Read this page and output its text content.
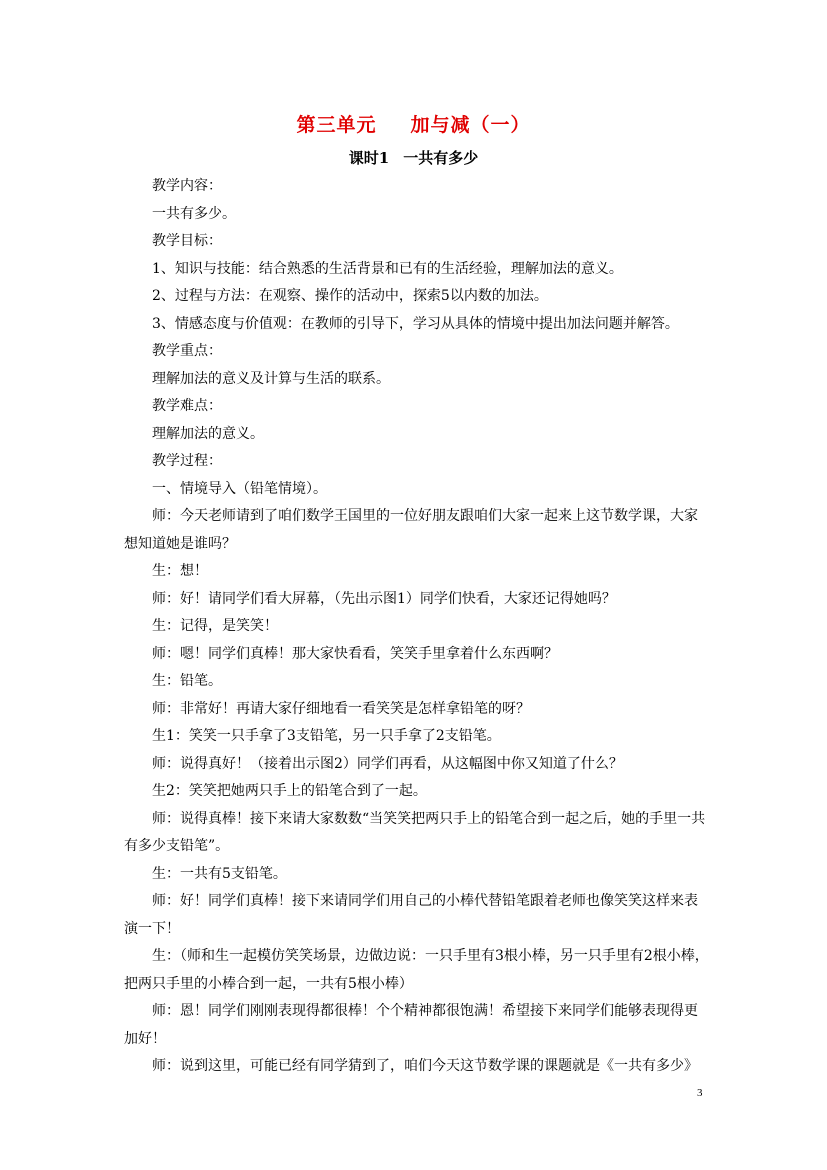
第三单元 加与减（一）
课时1 一共有多少

教学内容：

一共有多少。

教学目标：

1、知识与技能：结合熟悉的生活背景和已有的生活经验，理解加法的意义。

2、过程与方法：在观察、操作的活动中，探索5以内数的加法。

3、情感态度与价值观：在教师的引导下，学习从具体的情境中提出加法问题并解答。

教学重点：

理解加法的意义及计算与生活的联系。

教学难点：

理解加法的意义。

教学过程：

一、情境导入（铅笔情境）。

师：今天老师请到了咱们数学王国里的一位好朋友跟咱们大家一起来上这节数学课，大家想知道她是谁吗？

生：想！

师：好！请同学们看大屏幕，（先出示图1）同学们快看，大家还记得她吗？

生：记得，是笑笑！

师：嗯！同学们真棒！那大家快看看，笑笑手里拿着什么东西啊？

生：铅笔。

师：非常好！再请大家仔细地看一看笑笑是怎样拿铅笔的呀？

生1：笑笑一只手拿了3支铅笔，另一只手拿了2支铅笔。

师：说得真好！（接着出示图2）同学们再看，从这幅图中你又知道了什么？

生2：笑笑把她两只手上的铅笔合到了一起。

师：说得真棒！接下来请大家数数“当笑笑把两只手上的铅笔合到一起之后，她的手里一共有多少支铅笔”。

生：一共有5支铅笔。

师：好！同学们真棒！接下来请同学们用自己的小棒代替铅笔跟着老师也像笑笑这样来表演一下！

生：（师和生一起模仿笑笑场景，边做边说：一只手里有3根小棒，另一只手里有2根小棒，把两只手里的小棒合到一起，一共有5根小棒）

师：恩！同学们刚刚表现得都很棒！个个精神都很饱满！希望接下来同学们能够表现得更加好！

师：说到这里，可能已经有同学猜到了，咱们今天这节数学课的课题就是《一共有多少》

3
